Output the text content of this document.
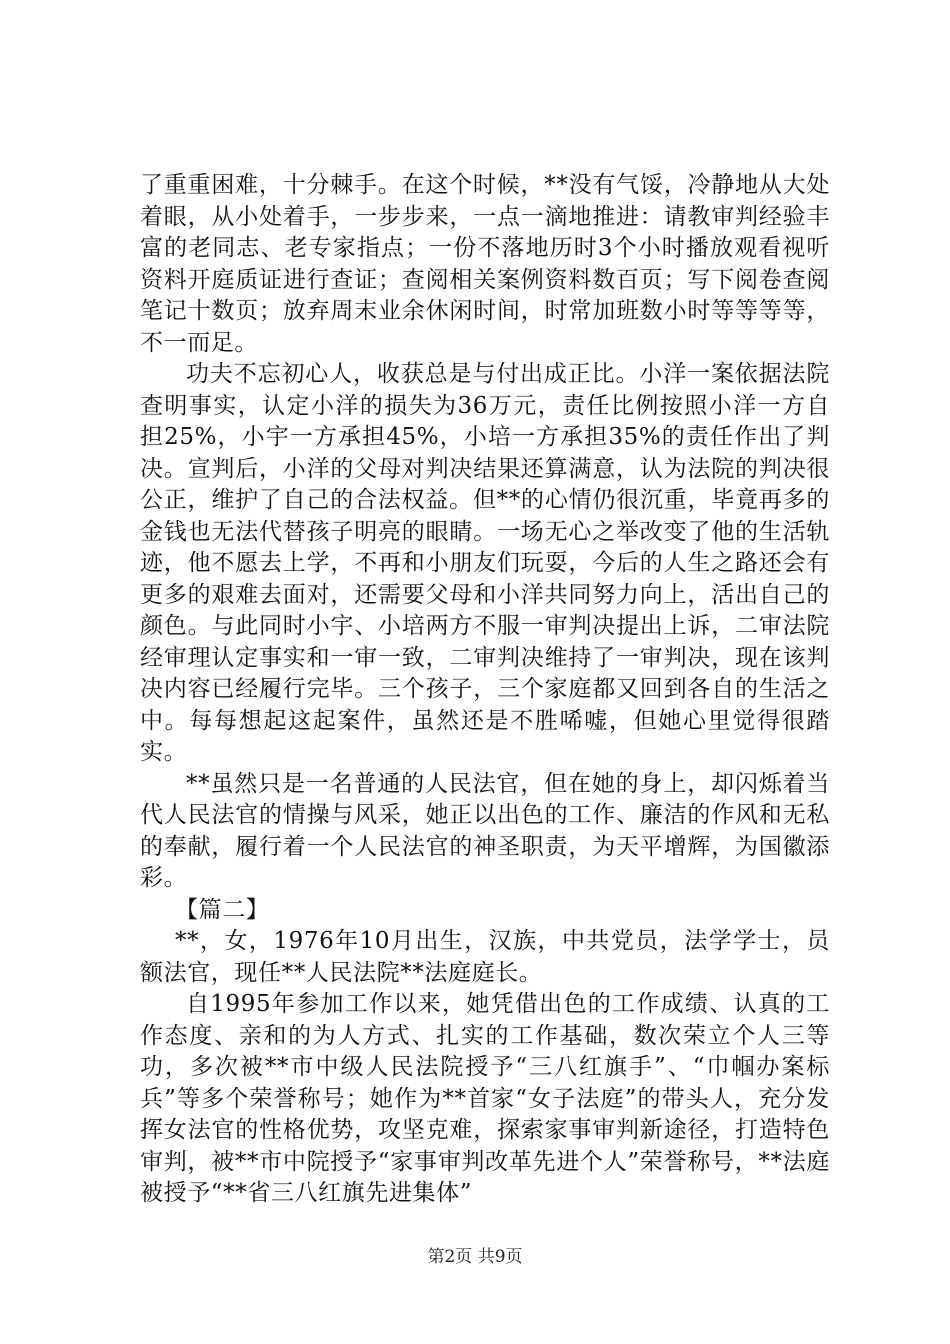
了重重困难，十分棘手。在这个时候，**没有气馁，冷静地从大处着眼，从小处着手，一步步来，一点一滴地推进：请教审判经验丰富的老同志、老专家指点；一份不落地历时3个小时播放观看视听资料开庭质证进行查证；查阅相关案例资料数百页；写下阅卷查阅笔记十数页；放弃周末业余休闲时间，时常加班数小时等等等等，不一而足。

功夫不忘初心人，收获总是与付出成正比。小洋一案依据法院查明事实，认定小洋的损失为36万元，责任比例按照小洋一方自担25%，小宇一方承担45%，小培一方承担35%的责任作出了判决。宣判后，小洋的父母对判决结果还算满意，认为法院的判决很公正，维护了自己的合法权益。但**的心情仍很沉重，毕竟再多的金钱也无法代替孩子明亮的眼睛。一场无心之举改变了他的生活轨迹，他不愿去上学，不再和小朋友们玩耍，今后的人生之路还会有更多的艰难去面对，还需要父母和小洋共同努力向上，活出自己的颜色。与此同时小宇、小培两方不服一审判决提出上诉，二审法院经审理认定事实和一审一致，二审判决维持了一审判决，现在该判决内容已经履行完毕。三个孩子，三个家庭都又回到各自的生活之中。每每想起这起案件，虽然还是不胜唏嘘，但她心里觉得很踏实。

**虽然只是一名普通的人民法官，但在她的身上，却闪烁着当代人民法官的情操与风采，她正以出色的工作、廉洁的作风和无私的奉献，履行着一个人民法官的神圣职责，为天平增辉，为国徽添彩。

【篇二】

**，女，1976年10月出生，汉族，中共党员，法学学士，员额法官，现任**人民法院**法庭庭长。

自1995年参加工作以来，她凭借出色的工作成绩、认真的工作态度、亲和的为人方式、扎实的工作基础，数次荣立个人三等功，多次被**市中级人民法院授予“三八红旗手”、“巾帼办案标兵”等多个荣誉称号；她作为**首家“女子法庭”的带头人，充分发挥女法官的性格优势，攻坚克难，探索家事审判新途径，打造特色审判，被**市中院授予“家事审判改革先进个人”荣誉称号，**法庭被授予“**省三八红旗先进集体”

第2页 共9页
